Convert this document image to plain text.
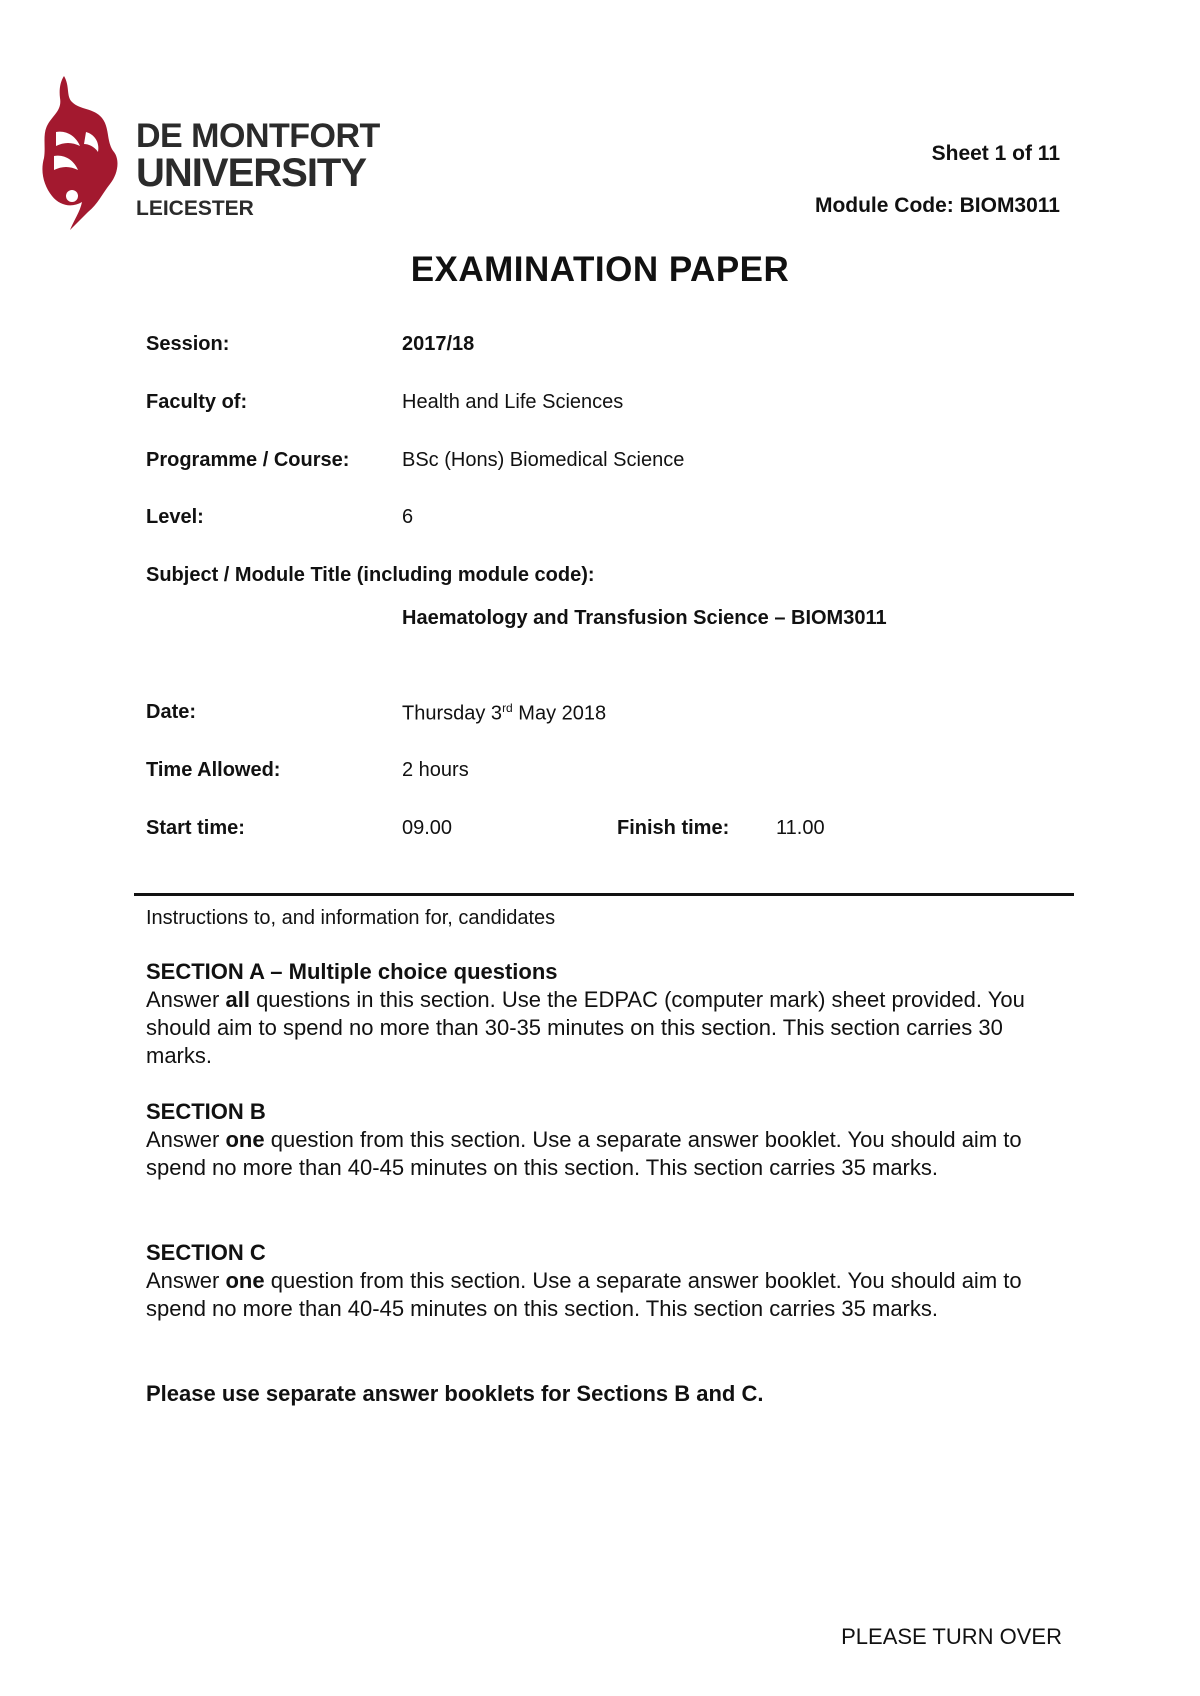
DE MONTFORT
UNIVERSITY
LEICESTER
Sheet 1 of 11
Module Code: BIOM3011
EXAMINATION PAPER
Session:	2017/18
Faculty of:	Health and Life Sciences
Programme / Course:	BSc (Hons) Biomedical Science
Level:	6
Subject / Module Title (including module code):
Haematology and Transfusion Science – BIOM3011
Date:	Thursday 3rd May 2018
Time Allowed:	2 hours
Start time:	09.00	Finish time: 11.00
Instructions to, and information for, candidates

SECTION A – Multiple choice questions

Answer all questions in this section. Use the EDPAC (computer mark) sheet provided. You should aim to spend no more than 30-35 minutes on this section. This section carries 30 marks.

SECTION B

Answer one question from this section. Use a separate answer booklet. You should aim to spend no more than 40-45 minutes on this section. This section carries 35 marks.

SECTION C

Answer one question from this section. Use a separate answer booklet. You should aim to spend no more than 40-45 minutes on this section. This section carries 35 marks.

Please use separate answer booklets for Sections B and C.
PLEASE TURN OVER
